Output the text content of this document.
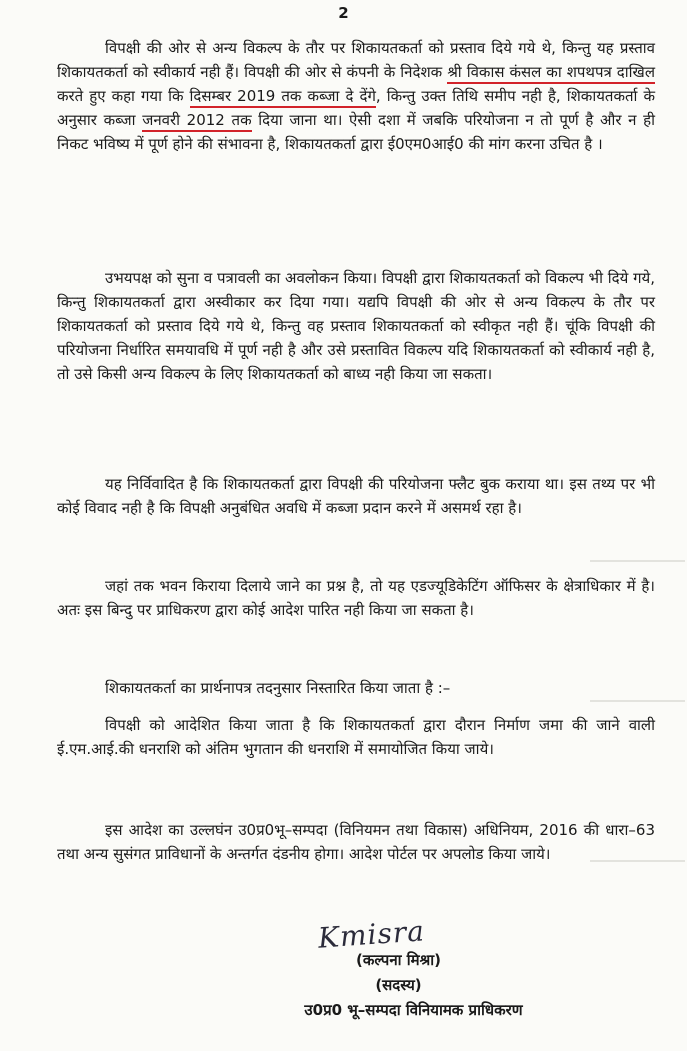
2

विपक्षी की ओर से अन्य विकल्प के तौर पर शिकायतकर्ता को प्रस्ताव दिये गये थे, किन्तु यह प्रस्ताव शिकायतकर्ता को स्वीकार्य नही हैं। विपक्षी की ओर से कंपनी के निदेशक श्री विकास कंसल का शपथपत्र दाखिल करते हुए कहा गया कि दिसम्बर 2019 तक कब्जा दे देंगे, किन्तु उक्त तिथि समीप नही है, शिकायतकर्ता के अनुसार कब्जा जनवरी 2012 तक दिया जाना था। ऐसी दशा में जबकि परियोजना न तो पूर्ण है और न ही निकट भविष्य में पूर्ण होने की संभावना है, शिकायतकर्ता द्वारा ई0एम0आई0 की मांग करना उचित है ।

उभयपक्ष को सुना व पत्रावली का अवलोकन किया। विपक्षी द्वारा शिकायतकर्ता को विकल्प भी दिये गये, किन्तु शिकायतकर्ता द्वारा अस्वीकार कर दिया गया। यद्यपि विपक्षी की ओर से अन्य विकल्प के तौर पर शिकायतकर्ता को प्रस्ताव दिये गये थे, किन्तु वह प्रस्ताव शिकायतकर्ता को स्वीकृत नही हैं। चूंकि विपक्षी की परियोजना निर्धारित समयावधि में पूर्ण नही है और उसे प्रस्तावित विकल्प यदि शिकायतकर्ता को स्वीकार्य नही है, तो उसे किसी अन्य विकल्प के लिए शिकायतकर्ता को बाध्य नही किया जा सकता।

यह निर्विवादित है कि शिकायतकर्ता द्वारा विपक्षी की परियोजना फ्लैट बुक कराया था। इस तथ्य पर भी कोई विवाद नही है कि विपक्षी अनुबंधित अवधि में कब्जा प्रदान करने में असमर्थ रहा है।

जहां तक भवन किराया दिलाये जाने का प्रश्न है, तो यह एडज्यूडिकेटिंग ऑफिसर के क्षेत्राधिकार में है। अतः इस बिन्दु पर प्राधिकरण द्वारा कोई आदेश पारित नही किया जा सकता है।

शिकायतकर्ता का प्रार्थनापत्र तदनुसार निस्तारित किया जाता है :–

विपक्षी को आदेशित किया जाता है कि शिकायतकर्ता द्वारा दौरान निर्माण जमा की जाने वाली ई.एम.आई.की धनराशि को अंतिम भुगतान की धनराशि में समायोजित किया जाये।

इस आदेश का उल्लघंन उ0प्र0भू–सम्पदा (विनियमन तथा विकास) अधिनियम, 2016 की धारा–63 तथा अन्य सुसंगत प्राविधानों के अन्तर्गत दंडनीय होगा। आदेश पोर्टल पर अपलोड किया जाये।

Kmisra
(कल्पना मिश्रा)
(सदस्य)
उ0प्र0 भू–सम्पदा विनियामक प्राधिकरण
